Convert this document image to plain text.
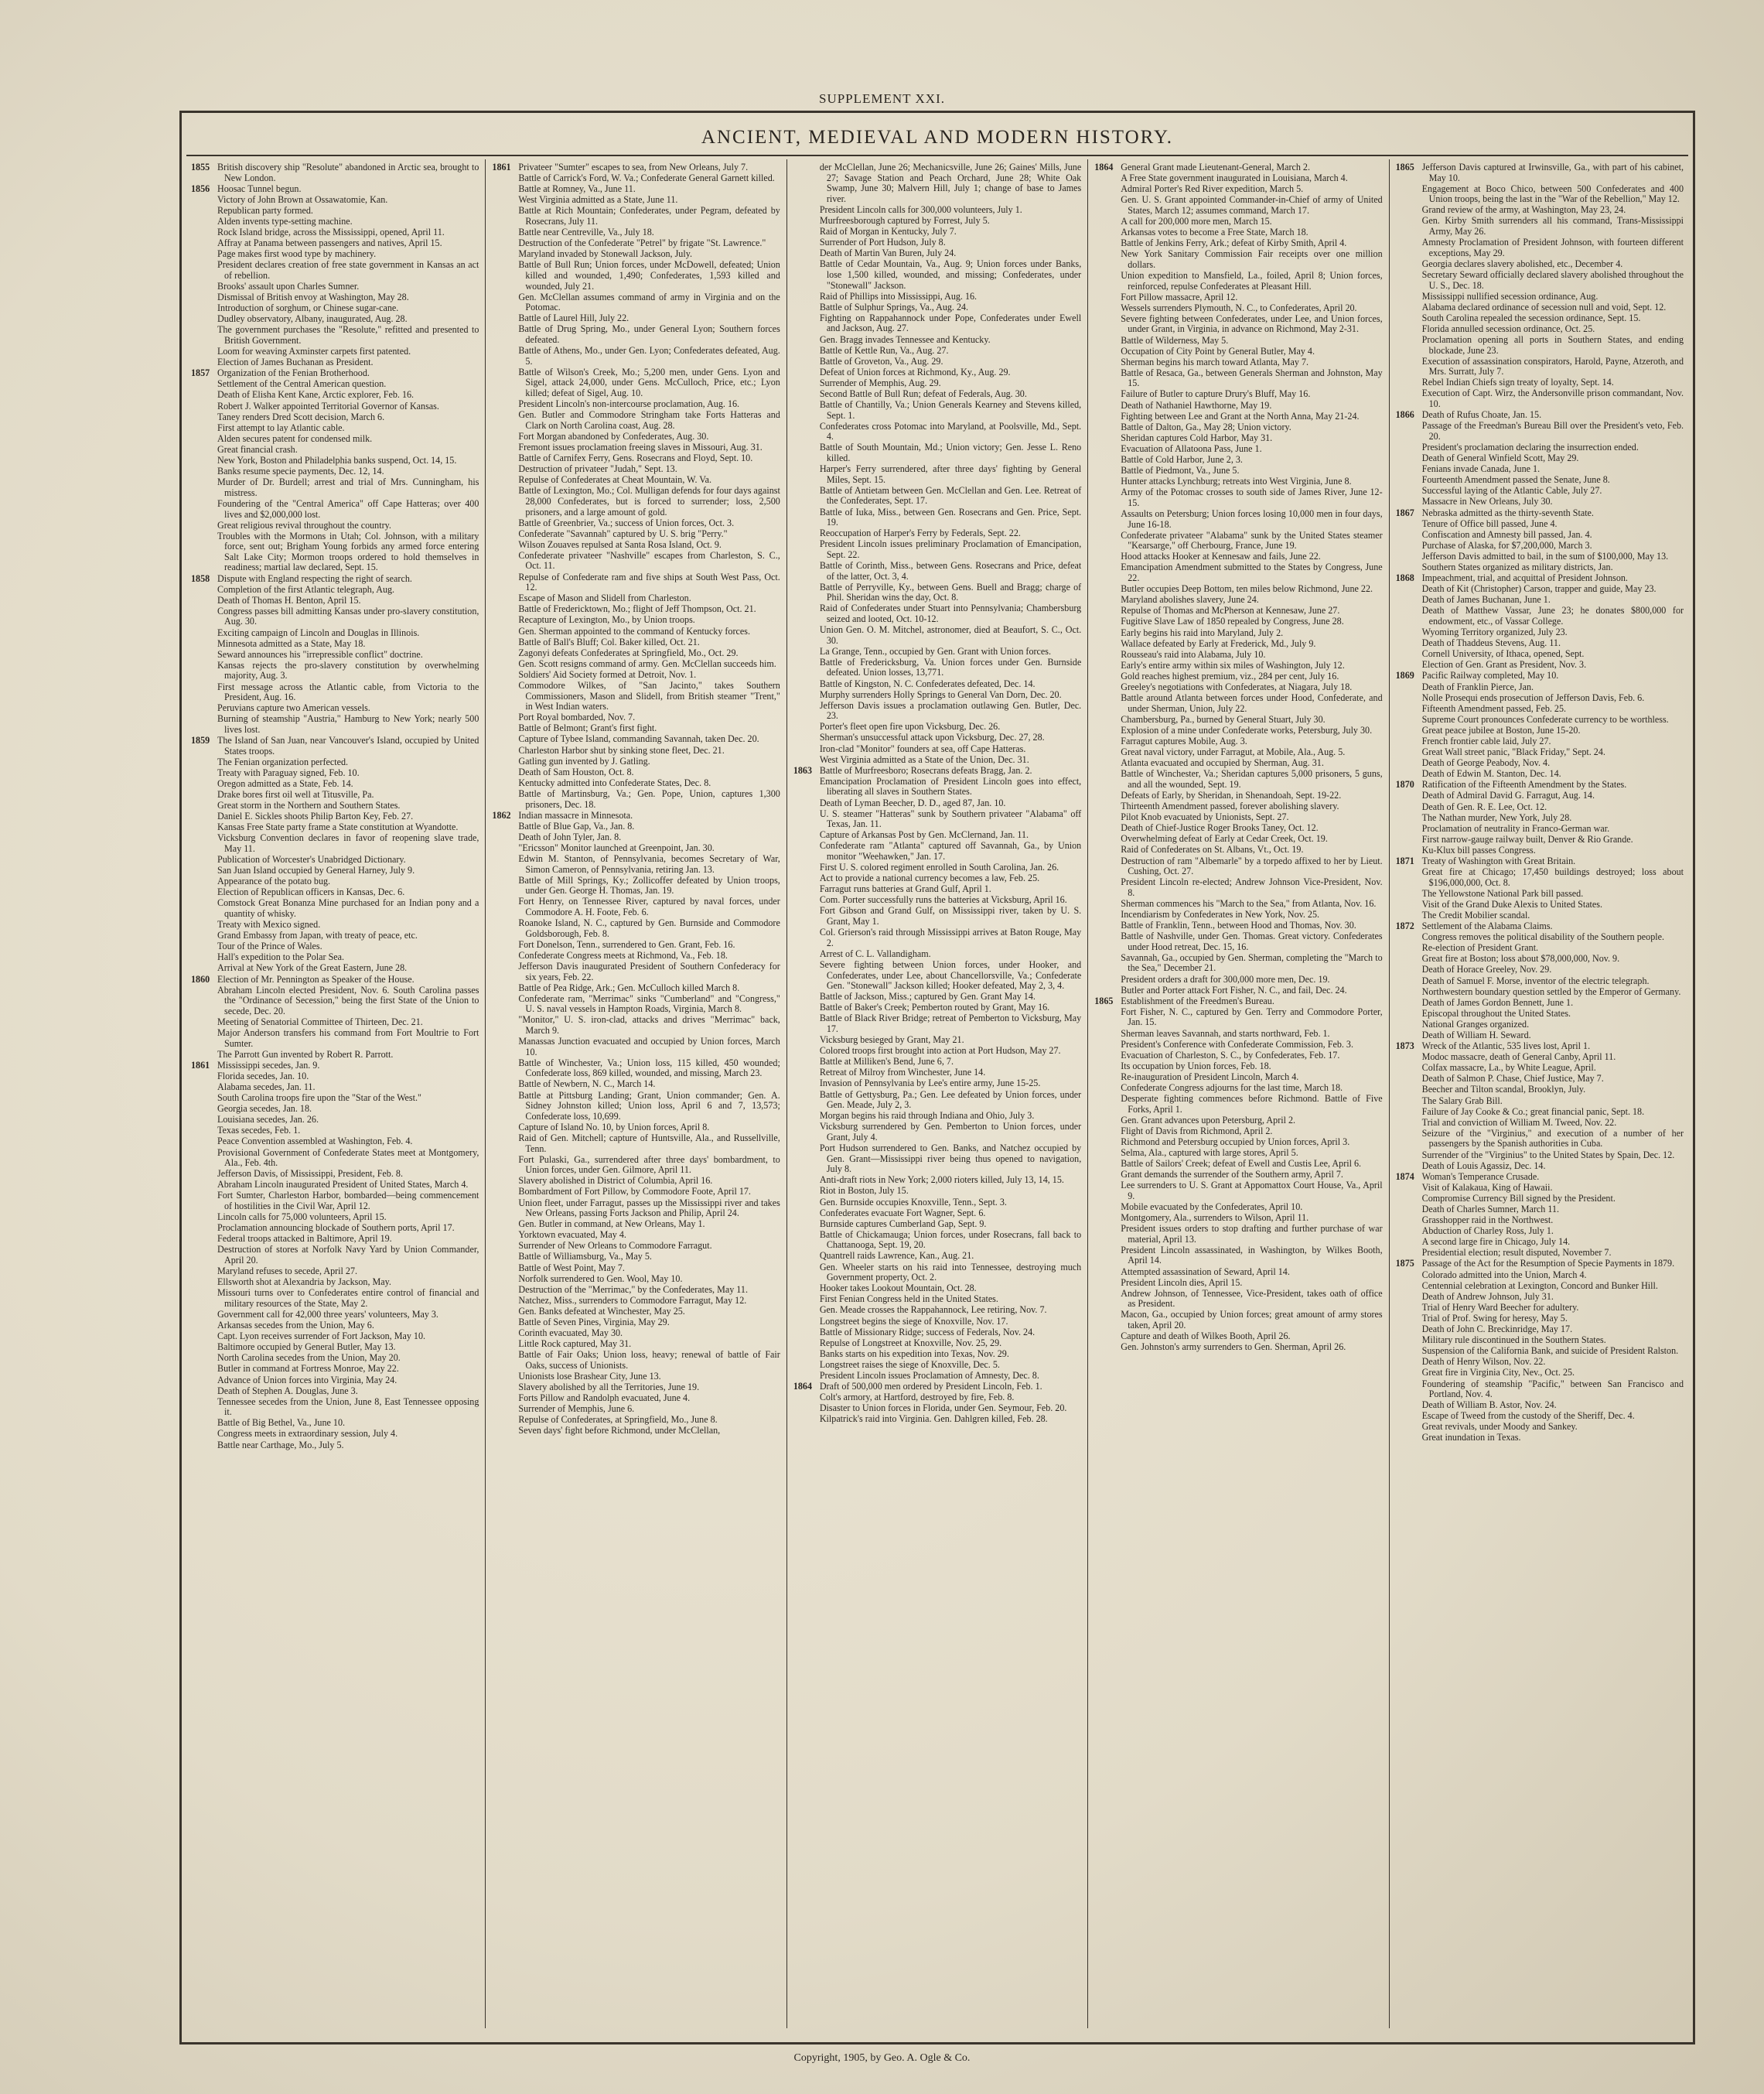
SUPPLEMENT XXI.
ANCIENT, MEDIEVAL AND MODERN HISTORY.
1855 British discovery ship "Resolute" abandoned in Arctic sea, brought to New London.
1856 Hoosac Tunnel begun.
Victory of John Brown at Ossawatomie, Kan.
Republican party formed.
Alden invents type-setting machine.
Rock Island bridge, across the Mississippi, opened, April 11.
Affray at Panama between passengers and natives, April 15.
Page makes first wood type by machinery.
President declares creation of free state government in Kansas an act of rebellion.
Brooks' assault upon Charles Sumner.
Dismissal of British envoy at Washington, May 28.
Introduction of sorghum, or Chinese sugar-cane.
Dudley observatory, Albany, inaugurated, Aug. 28.
The government purchases the "Resolute," refitted and presented to British Government.
Loom for weaving Axminster carpets first patented.
Election of James Buchanan as President.
1857 Organization of the Fenian Brotherhood.
Settlement of the Central American question.
Death of Elisha Kent Kane, Arctic explorer, Feb. 16.
Robert J. Walker appointed Territorial Governor of Kansas.
Taney renders Dred Scott decision, March 6.
First attempt to lay Atlantic cable.
Alden secures patent for condensed milk.
Great financial crash.
New York, Boston and Philadelphia banks suspend, Oct. 14, 15.
Banks resume specie payments, Dec. 12, 14.
Murder of Dr. Burdell; arrest and trial of Mrs. Cunningham, his mistress.
Foundering of the "Central America" off Cape Hatteras; over 400 lives and $2,000,000 lost.
Great religious revival throughout the country.
Troubles with the Mormons in Utah; Col. Johnson, with a military force, sent out; Brigham Young forbids any armed force entering Salt Lake City; Mormon troops ordered to hold themselves in readiness; martial law declared, Sept. 15.
1858 Dispute with England respecting the right of search.
Completion of the first Atlantic telegraph, Aug.
Death of Thomas H. Benton, April 15.
Congress passes bill admitting Kansas under pro-slavery constitution, Aug. 30.
Exciting campaign of Lincoln and Douglas in Illinois.
Minnesota admitted as a State, May 18.
Seward announces his "irrepressible conflict" doctrine.
Kansas rejects the pro-slavery constitution by overwhelming majority, Aug. 3.
First message across the Atlantic cable, from Victoria to the President, Aug. 16.
Peruvians capture two American vessels.
Burning of steamship "Austria," Hamburg to New York; nearly 500 lives lost.
1859 The Island of San Juan, near Vancouver's Island, occupied by United States troops.
The Fenian organization perfected.
Treaty with Paraguay signed, Feb. 10.
Oregon admitted as a State, Feb. 14.
Drake bores first oil well at Titusville, Pa.
Great storm in the Northern and Southern States.
Daniel E. Sickles shoots Philip Barton Key, Feb. 27.
Kansas Free State party frame a State constitution at Wyandotte.
Vicksburg Convention declares in favor of reopening slave trade, May 11.
Publication of Worcester's Unabridged Dictionary.
San Juan Island occupied by General Harney, July 9.
Appearance of the potato bug.
Election of Republican officers in Kansas, Dec. 6.
Comstock Great Bonanza Mine purchased for an Indian pony and a quantity of whisky.
Treaty with Mexico signed.
Grand Embassy from Japan, with treaty of peace, etc.
Tour of the Prince of Wales.
Hall's expedition to the Polar Sea.
Arrival at New York of the Great Eastern, June 28.
1860 Election of Mr. Pennington as Speaker of the House.
Abraham Lincoln elected President, Nov. 6. South Carolina passes the "Ordinance of Secession," being the first State of the Union to secede, Dec. 20.
Meeting of Senatorial Committee of Thirteen, Dec. 21.
Major Anderson transfers his command from Fort Moultrie to Fort Sumter.
The Parrott Gun invented by Robert R. Parrott.
1861 Mississippi secedes, Jan. 9.
Florida secedes, Jan. 10.
Alabama secedes, Jan. 11.
South Carolina troops fire upon the "Star of the West."
Georgia secedes, Jan. 18.
Louisiana secedes, Jan. 26.
Texas secedes, Feb. 1.
Peace Convention assembled at Washington, Feb. 4.
Provisional Government of Confederate States meet at Montgomery, Ala., Feb. 4th.
Jefferson Davis, of Mississippi, President, Feb. 8.
Abraham Lincoln inaugurated President of United States, March 4.
Fort Sumter, Charleston Harbor, bombarded—being commencement of hostilities in the Civil War, April 12.
Lincoln calls for 75,000 volunteers, April 15.
Proclamation announcing blockade of Southern ports, April 17.
Federal troops attacked in Baltimore, April 19.
Destruction of stores at Norfolk Navy Yard by Union Commander, April 20.
Maryland refuses to secede, April 27.
Ellsworth shot at Alexandria by Jackson, May.
Missouri turns over to Confederates entire control of financial and military resources of the State, May 2.
Government call for 42,000 three years' volunteers, May 3.
Arkansas secedes from the Union, May 6.
Capt. Lyon receives surrender of Fort Jackson, May 10.
Baltimore occupied by General Butler, May 13.
North Carolina secedes from the Union, May 20.
Butler in command at Fortress Monroe, May 22.
Advance of Union forces into Virginia, May 24.
Death of Stephen A. Douglas, June 3.
Tennessee secedes from the Union, June 8, East Tennessee opposing it.
Battle of Big Bethel, Va., June 10.
Congress meets in extraordinary session, July 4.
Battle near Carthage, Mo., July 5.
1861 Privateer "Sumter" escapes to sea, from New Orleans, July 7.
Battle of Carrick's Ford, W. Va.; Confederate General Garnett killed.
Battle at Romney, Va., June 11.
West Virginia admitted as a State, June 11.
Battle at Rich Mountain; Confederates, under Pegram, defeated by Rosecrans, July 11.
Battle near Centreville, Va., July 18.
Destruction of the Confederate "Petrel" by frigate "St. Lawrence."
Maryland invaded by Stonewall Jackson, July.
Battle of Bull Run; Union forces, under McDowell, defeated; Union killed and wounded, 1,490; Confederates, 1,593 killed and wounded, July 21.
Gen. McClellan assumes command of army in Virginia and on the Potomac.
Battle of Laurel Hill, July 22.
Battle of Drug Spring, Mo., under General Lyon; Southern forces defeated.
Battle of Athens, Mo., under Gen. Lyon; Confederates defeated, Aug. 5.
Battle of Wilson's Creek, Mo.; 5,200 men, under Gens. Lyon and Sigel, attack 24,000, under Gens. McCulloch, Price, etc.; Lyon killed; defeat of Sigel, Aug. 10.
President Lincoln's non-intercourse proclamation, Aug. 16.
Gen. Butler and Commodore Stringham take Forts Hatteras and Clark on North Carolina coast, Aug. 28.
Fort Morgan abandoned by Confederates, Aug. 30.
Fremont issues proclamation freeing slaves in Missouri, Aug. 31.
Battle of Carnifex Ferry, Gens. Rosecrans and Floyd, Sept. 10.
Destruction of privateer "Judah," Sept. 13.
Repulse of Confederates at Cheat Mountain, W. Va.
Battle of Lexington, Mo.; Col. Mulligan defends for four days against 28,000 Confederates, but is forced to surrender; loss, 2,500 prisoners, and a large amount of gold.
Battle of Greenbrier, Va.; success of Union forces, Oct. 3.
Confederate "Savannah" captured by U. S. brig "Perry."
Wilson Zouaves repulsed at Santa Rosa Island, Oct. 9.
Confederate privateer "Nashville" escapes from Charleston, S. C., Oct. 11.
Repulse of Confederate ram and five ships at South West Pass, Oct. 12.
Escape of Mason and Slidell from Charleston.
Battle of Fredericktown, Mo.; flight of Jeff Thompson, Oct. 21.
Recapture of Lexington, Mo., by Union troops.
Gen. Sherman appointed to the command of Kentucky forces.
Battle of Ball's Bluff; Col. Baker killed, Oct. 21.
Zagonyi defeats Confederates at Springfield, Mo., Oct. 29.
Gen. Scott resigns command of army. Gen. McClellan succeeds him.
Soldiers' Aid Society formed at Detroit, Nov. 1.
Commodore Wilkes, of "San Jacinto," takes Southern Commissioners, Mason and Slidell, from British steamer "Trent," in West Indian waters.
Port Royal bombarded, Nov. 7.
Battle of Belmont; Grant's first fight.
Capture of Tybee Island, commanding Savannah, taken Dec. 20.
Charleston Harbor shut by sinking stone fleet, Dec. 21.
Gatling gun invented by J. Gatling.
Death of Sam Houston, Oct. 8.
Kentucky admitted into Confederate States, Dec. 8.
Battle of Martinsburg, Va.; Gen. Pope, Union, captures 1,300 prisoners, Dec. 18.
1862 Indian massacre in Minnesota.
Battle of Blue Gap, Va., Jan. 8.
Death of John Tyler, Jan. 8.
"Ericsson" Monitor launched at Greenpoint, Jan. 30.
Edwin M. Stanton, of Pennsylvania, becomes Secretary of War, Simon Cameron, of Pennsylvania, retiring Jan. 13.
Battle of Mill Springs, Ky.; Zollicoffer defeated by Union troops, under Gen. George H. Thomas, Jan. 19.
Fort Henry, on Tennessee River, captured by naval forces, under Commodore A. H. Foote, Feb. 6.
Roanoke Island, N. C., captured by Gen. Burnside and Commodore Goldsborough, Feb. 8.
Fort Donelson, Tenn., surrendered to Gen. Grant, Feb. 16.
Confederate Congress meets at Richmond, Va., Feb. 18.
Jefferson Davis inaugurated President of Southern Confederacy for six years, Feb. 22.
Battle of Pea Ridge, Ark.; Gen. McCulloch killed March 8.
Confederate ram, "Merrimac" sinks "Cumberland" and "Congress," U. S. naval vessels in Hampton Roads, Virginia, March 8.
"Monitor," U. S. iron-clad, attacks and drives "Merrimac" back, March 9.
Manassas Junction evacuated and occupied by Union forces, March 10.
Battle of Winchester, Va.; Union loss, 115 killed, 450 wounded; Confederate loss, 869 killed, wounded, and missing, March 23.
Battle of Newbern, N. C., March 14.
Battle at Pittsburg Landing; Grant, Union commander; Gen. A. Sidney Johnston killed; Union loss, April 6 and 7, 13,573; Confederate loss, 10,699.
Capture of Island No. 10, by Union forces, April 8.
Raid of Gen. Mitchell; capture of Huntsville, Ala., and Russellville, Tenn.
Fort Pulaski, Ga., surrendered after three days' bombardment, to Union forces, under Gen. Gilmore, April 11.
Slavery abolished in District of Columbia, April 16.
Bombardment of Fort Pillow, by Commodore Foote, April 17.
Union fleet, under Farragut, passes up the Mississippi river and takes New Orleans, passing Forts Jackson and Philip, April 24.
Gen. Butler in command, at New Orleans, May 1.
Yorktown evacuated, May 4.
Surrender of New Orleans to Commodore Farragut.
Battle of Williamsburg, Va., May 5.
Battle of West Point, May 7.
Norfolk surrendered to Gen. Wool, May 10.
Destruction of the "Merrimac," by the Confederates, May 11.
Natchez, Miss., surrenders to Commodore Farragut, May 12.
Gen. Banks defeated at Winchester, May 25.
Battle of Seven Pines, Virginia, May 29.
Corinth evacuated, May 30.
Little Rock captured, May 31.
Battle of Fair Oaks; Union loss, heavy; renewal of battle of Fair Oaks, success of Unionists.
Unionists lose Brashear City, June 13.
Slavery abolished by all the Territories, June 19.
Forts Pillow and Randolph evacuated, June 4.
Surrender of Memphis, June 6.
Repulse of Confederates, at Springfield, Mo., June 8.
Seven days' fight before Richmond, under McClellan,
der McClellan, June 26; Mechanicsville, June 26; Gaines' Mills, June 27; Savage Station and Peach Orchard, June 28; White Oak Swamp, June 30; Malvern Hill, July 1; change of base to James river.
President Lincoln calls for 300,000 volunteers, July 1.
Murfreesborough captured by Forrest, July 5.
Raid of Morgan in Kentucky, July 7.
Surrender of Port Hudson, July 8.
Death of Martin Van Buren, July 24.
Battle of Cedar Mountain, Va., Aug. 9; Union forces under Banks, lose 1,500 killed, wounded, and missing; Confederates, under "Stonewall" Jackson.
Raid of Phillips into Mississippi, Aug. 16.
Battle of Sulphur Springs, Va., Aug. 24.
Fighting on Rappahannock under Pope, Confederates under Ewell and Jackson, Aug. 27.
Gen. Bragg invades Tennessee and Kentucky.
Battle of Kettle Run, Va., Aug. 27.
Battle of Groveton, Va., Aug. 29.
Defeat of Union forces at Richmond, Ky., Aug. 29.
Surrender of Memphis, Aug. 29.
Second Battle of Bull Run; defeat of Federals, Aug. 30.
Battle of Chantilly, Va.; Union Generals Kearney and Stevens killed, Sept. 1.
Confederates cross Potomac into Maryland, at Poolsville, Md., Sept. 4.
Battle of South Mountain, Md.; Union victory; Gen. Jesse L. Reno killed.
Harper's Ferry surrendered, after three days' fighting by General Miles, Sept. 15.
Battle of Antietam between Gen. McClellan and Gen. Lee. Retreat of the Confederates, Sept. 17.
Battle of Iuka, Miss., between Gen. Rosecrans and Gen. Price, Sept. 19.
Reoccupation of Harper's Ferry by Federals, Sept. 22.
President Lincoln issues preliminary Proclamation of Emancipation, Sept. 22.
Battle of Corinth, Miss., between Gens. Rosecrans and Price, defeat of the latter, Oct. 3, 4.
Battle of Perryville, Ky., between Gens. Buell and Bragg; charge of Phil. Sheridan wins the day, Oct. 8.
Raid of Confederates under Stuart into Pennsylvania; Chambersburg seized and looted, Oct. 10-12.
Union Gen. O. M. Mitchel, astronomer, died at Beaufort, S. C., Oct. 30.
La Grange, Tenn., occupied by Gen. Grant with Union forces.
Battle of Fredericksburg, Va. Union forces under Gen. Burnside defeated. Union losses, 13,771.
Battle of Kingston, N. C. Confederates defeated, Dec. 14.
Murphy surrenders Holly Springs to General Van Dorn, Dec. 20.
Jefferson Davis issues a proclamation outlawing Gen. Butler, Dec. 23.
Porter's fleet open fire upon Vicksburg, Dec. 26.
Sherman's unsuccessful attack upon Vicksburg, Dec. 27, 28.
Iron-clad "Monitor" founders at sea, off Cape Hatteras.
West Virginia admitted as a State of the Union, Dec. 31.
1863 Battle of Murfreesboro; Rosecrans defeats Bragg, Jan. 2.
Emancipation Proclamation of President Lincoln goes into effect, liberating all slaves in Southern States.
Death of Lyman Beecher, D. D., aged 87, Jan. 10.
U. S. steamer "Hatteras" sunk by Southern privateer "Alabama" off Texas, Jan. 11.
Capture of Arkansas Post by Gen. McClernand, Jan. 11.
Confederate ram "Atlanta" captured off Savannah, Ga., by Union monitor "Weehawken," Jan. 17.
First U. S. colored regiment enrolled in South Carolina, Jan. 26.
Act to provide a national currency becomes a law, Feb. 25.
Farragut runs batteries at Grand Gulf, April 1.
Com. Porter successfully runs the batteries at Vicksburg, April 16.
Fort Gibson and Grand Gulf, on Mississippi river, taken by U. S. Grant, May 1.
Col. Grierson's raid through Mississippi arrives at Baton Rouge, May 2.
Arrest of C. L. Vallandigham.
Severe fighting between Union forces, under Hooker, and Confederates, under Lee, about Chancellorsville, Va.; Confederate Gen. "Stonewall" Jackson killed; Hooker defeated, May 2, 3, 4.
Battle of Jackson, Miss.; captured by Gen. Grant May 14.
Battle of Baker's Creek; Pemberton routed by Grant, May 16.
Battle of Black River Bridge; retreat of Pemberton to Vicksburg, May 17.
Vicksburg besieged by Grant, May 21.
Colored troops first brought into action at Port Hudson, May 27.
Battle at Milliken's Bend, June 6, 7.
Retreat of Milroy from Winchester, June 14.
Invasion of Pennsylvania by Lee's entire army, June 15-25.
Battle of Gettysburg, Pa.; Gen. Lee defeated by Union forces, under Gen. Meade, July 2, 3.
Morgan begins his raid through Indiana and Ohio, July 3.
Vicksburg surrendered by Gen. Pemberton to Union forces, under Grant, July 4.
Port Hudson surrendered to Gen. Banks, and Natchez occupied by Gen. Grant—Mississippi river being thus opened to navigation, July 8.
Anti-draft riots in New York; 2,000 rioters killed, July 13, 14, 15.
Riot in Boston, July 15.
Gen. Burnside occupies Knoxville, Tenn., Sept. 3.
Confederates evacuate Fort Wagner, Sept. 6.
Burnside captures Cumberland Gap, Sept. 9.
Battle of Chickamauga; Union forces, under Rosecrans, fall back to Chattanooga, Sept. 19, 20.
Quantrell raids Lawrence, Kan., Aug. 21.
Gen. Wheeler starts on his raid into Tennessee, destroying much Government property, Oct. 2.
Hooker takes Lookout Mountain, Oct. 28.
First Fenian Congress held in the United States.
Gen. Meade crosses the Rappahannock, Lee retiring, Nov. 7.
Longstreet begins the siege of Knoxville, Nov. 17.
Battle of Missionary Ridge; success of Federals, Nov. 24.
Repulse of Longstreet at Knoxville, Nov. 25, 29.
Banks starts on his expedition into Texas, Nov. 29.
Longstreet raises the siege of Knoxville, Dec. 5.
President Lincoln issues Proclamation of Amnesty, Dec. 8.
1864 Draft of 500,000 men ordered by President Lincoln, Feb. 1.
Colt's armory, at Hartford, destroyed by fire, Feb. 8.
Disaster to Union forces in Florida, under Gen. Seymour, Feb. 20.
Kilpatrick's raid into Virginia. Gen. Dahlgren killed, Feb. 28.
1864 General Grant made Lieutenant-General, March 2.
A Free State government inaugurated in Louisiana, March 4.
Admiral Porter's Red River expedition, March 5.
Gen. U. S. Grant appointed Commander-in-Chief of army of United States, March 12; assumes command, March 17.
A call for 200,000 more men, March 15.
Arkansas votes to become a Free State, March 18.
Battle of Jenkins Ferry, Ark.; defeat of Kirby Smith, April 4.
New York Sanitary Commission Fair receipts over one million dollars.
Union expedition to Mansfield, La., foiled, April 8; Union forces, reinforced, repulse Confederates at Pleasant Hill.
Fort Pillow massacre, April 12.
Wessels surrenders Plymouth, N. C., to Confederates, April 20.
Severe fighting between Confederates, under Lee, and Union forces, under Grant, in Virginia, in advance on Richmond, May 2-31.
Battle of Wilderness, May 5.
Occupation of City Point by General Butler, May 4.
Sherman begins his march toward Atlanta, May 7.
Battle of Resaca, Ga., between Generals Sherman and Johnston, May 15.
Failure of Butler to capture Drury's Bluff, May 16.
Death of Nathaniel Hawthorne, May 19.
Fighting between Lee and Grant at the North Anna, May 21-24.
Battle of Dalton, Ga., May 28; Union victory.
Sheridan captures Cold Harbor, May 31.
Evacuation of Allatoona Pass, June 1.
Battle of Cold Harbor, June 2, 3.
Battle of Piedmont, Va., June 5.
Hunter attacks Lynchburg; retreats into West Virginia, June 8.
Army of the Potomac crosses to south side of James River, June 12-15.
Assaults on Petersburg; Union forces losing 10,000 men in four days, June 16-18.
Confederate privateer "Alabama" sunk by the United States steamer "Kearsarge," off Cherbourg, France, June 19.
Hood attacks Hooker at Kennesaw and fails, June 22.
Emancipation Amendment submitted to the States by Congress, June 22.
Butler occupies Deep Bottom, ten miles below Richmond, June 22.
Maryland abolishes slavery, June 24.
Repulse of Thomas and McPherson at Kennesaw, June 27.
Fugitive Slave Law of 1850 repealed by Congress, June 28.
Early begins his raid into Maryland, July 2.
Wallace defeated by Early at Frederick, Md., July 9.
Rousseau's raid into Alabama, July 10.
Early's entire army within six miles of Washington, July 12.
Gold reaches highest premium, viz., 284 per cent, July 16.
Greeley's negotiations with Confederates, at Niagara, July 18.
Battle around Atlanta between forces under Hood, Confederate, and under Sherman, Union, July 22.
Chambersburg, Pa., burned by General Stuart, July 30.
Explosion of a mine under Confederate works, Petersburg, July 30.
Farragut captures Mobile, Aug. 3.
Great naval victory, under Farragut, at Mobile, Ala., Aug. 5.
Atlanta evacuated and occupied by Sherman, Aug. 31.
Battle of Winchester, Va.; Sheridan captures 5,000 prisoners, 5 guns, and all the wounded, Sept. 19.
Defeats of Early, by Sheridan, in Shenandoah, Sept. 19-22.
Thirteenth Amendment passed, forever abolishing slavery.
Pilot Knob evacuated by Unionists, Sept. 27.
Death of Chief-Justice Roger Brooks Taney, Oct. 12.
Overwhelming defeat of Early at Cedar Creek, Oct. 19.
Raid of Confederates on St. Albans, Vt., Oct. 19.
Destruction of ram "Albemarle" by a torpedo affixed to her by Lieut. Cushing, Oct. 27.
President Lincoln re-elected; Andrew Johnson Vice-President, Nov. 8.
Sherman commences his "March to the Sea," from Atlanta, Nov. 16.
Incendiarism by Confederates in New York, Nov. 25.
Battle of Franklin, Tenn., between Hood and Thomas, Nov. 30.
Battle of Nashville, under Gen. Thomas. Great victory. Confederates under Hood retreat, Dec. 15, 16.
Savannah, Ga., occupied by Gen. Sherman, completing the "March to the Sea," December 21.
President orders a draft for 300,000 more men, Dec. 19.
Butler and Porter attack Fort Fisher, N. C., and fail, Dec. 24.
1865 Establishment of the Freedmen's Bureau.
Fort Fisher, N. C., captured by Gen. Terry and Commodore Porter, Jan. 15.
Sherman leaves Savannah, and starts northward, Feb. 1.
President's Conference with Confederate Commission, Feb. 3.
Evacuation of Charleston, S. C., by Confederates, Feb. 17.
Its occupation by Union forces, Feb. 18.
Re-inauguration of President Lincoln, March 4.
Confederate Congress adjourns for the last time, March 18.
Desperate fighting commences before Richmond. Battle of Five Forks, April 1.
Gen. Grant advances upon Petersburg, April 2.
Flight of Davis from Richmond, April 2.
Richmond and Petersburg occupied by Union forces, April 3.
Selma, Ala., captured with large stores, April 5.
Battle of Sailors' Creek; defeat of Ewell and Custis Lee, April 6.
Grant demands the surrender of the Southern army, April 7.
Lee surrenders to U. S. Grant at Appomattox Court House, Va., April 9.
Mobile evacuated by the Confederates, April 10.
Montgomery, Ala., surrenders to Wilson, April 11.
President issues orders to stop drafting and further purchase of war material, April 13.
President Lincoln assassinated, in Washington, by Wilkes Booth, April 14.
Attempted assassination of Seward, April 14.
President Lincoln dies, April 15.
Andrew Johnson, of Tennessee, Vice-President, takes oath of office as President.
Macon, Ga., occupied by Union forces; great amount of army stores taken, April 20.
Capture and death of Wilkes Booth, April 26.
Gen. Johnston's army surrenders to Gen. Sherman, April 26.
1865 Jefferson Davis captured at Irwinsville, Ga., with part of his cabinet, May 10.
Engagement at Boco Chico, between 500 Confederates and 400 Union troops, being the last in the "War of the Rebellion," May 12.
Grand review of the army, at Washington, May 23, 24.
Gen. Kirby Smith surrenders all his command, Trans-Mississippi Army, May 26.
Amnesty Proclamation of President Johnson, with fourteen different exceptions, May 29.
Georgia declares slavery abolished, etc., December 4.
Secretary Seward officially declared slavery abolished throughout the U. S., Dec. 18.
Mississippi nullified secession ordinance, Aug.
Alabama declared ordinance of secession null and void, Sept. 12.
South Carolina repealed the secession ordinance, Sept. 15.
Florida annulled secession ordinance, Oct. 25.
Proclamation opening all ports in Southern States, and ending blockade, June 23.
Execution of assassination conspirators, Harold, Payne, Atzeroth, and Mrs. Surratt, July 7.
Rebel Indian Chiefs sign treaty of loyalty, Sept. 14.
Execution of Capt. Wirz, the Andersonville prison commandant, Nov. 10.
1866 Death of Rufus Choate, Jan. 15.
Passage of the Freedman's Bureau Bill over the President's veto, Feb. 20.
President's proclamation declaring the insurrection ended.
Death of General Winfield Scott, May 29.
Fenians invade Canada, June 1.
Fourteenth Amendment passed the Senate, June 8.
Successful laying of the Atlantic Cable, July 27.
Massacre in New Orleans, July 30.
1867 Nebraska admitted as the thirty-seventh State.
Tenure of Office bill passed, June 4.
Confiscation and Amnesty bill passed, Jan. 4.
Purchase of Alaska, for $7,200,000, March 3.
Jefferson Davis admitted to bail, in the sum of $100,000, May 13.
Southern States organized as military districts, Jan.
1868 Impeachment, trial, and acquittal of President Johnson.
Death of Kit (Christopher) Carson, trapper and guide, May 23.
Death of James Buchanan, June 1.
Death of Matthew Vassar, June 23; he donates $800,000 for endowment, etc., of Vassar College.
Wyoming Territory organized, July 23.
Death of Thaddeus Stevens, Aug. 11.
Cornell University, of Ithaca, opened, Sept.
Election of Gen. Grant as President, Nov. 3.
1869 Pacific Railway completed, May 10.
Death of Franklin Pierce, Jan.
Nolle Prosequi ends prosecution of Jefferson Davis, Feb. 6.
Fifteenth Amendment passed, Feb. 25.
Supreme Court pronounces Confederate currency to be worthless.
Great peace jubilee at Boston, June 15-20.
French frontier cable laid, July 27.
Great Wall street panic, "Black Friday," Sept. 24.
Death of George Peabody, Nov. 4.
Death of Edwin M. Stanton, Dec. 14.
1870 Ratification of the Fifteenth Amendment by the States.
Death of Admiral David G. Farragut, Aug. 14.
Death of Gen. R. E. Lee, Oct. 12.
The Nathan murder, New York, July 28.
Proclamation of neutrality in Franco-German war.
First narrow-gauge railway built, Denver & Rio Grande.
Ku-Klux bill passes Congress.
1871 Treaty of Washington with Great Britain.
Great fire at Chicago; 17,450 buildings destroyed; loss about $196,000,000, Oct. 8.
The Yellowstone National Park bill passed.
Visit of the Grand Duke Alexis to United States.
The Credit Mobilier scandal.
1872 Settlement of the Alabama Claims.
Congress removes the political disability of the Southern people.
Re-election of President Grant.
Great fire at Boston; loss about $78,000,000, Nov. 9.
Death of Horace Greeley, Nov. 29.
Death of Samuel F. Morse, inventor of the electric telegraph.
Northwestern boundary question settled by the Emperor of Germany.
Death of James Gordon Bennett, June 1.
Episcopal throughout the United States.
National Granges organized.
Death of William H. Seward.
1873 Wreck of the Atlantic, 535 lives lost, April 1.
Modoc massacre, death of General Canby, April 11.
Colfax massacre, La., by White League, April.
Death of Salmon P. Chase, Chief Justice, May 7.
Beecher and Tilton scandal, Brooklyn, July.
The Salary Grab Bill.
Failure of Jay Cooke & Co.; great financial panic, Sept. 18.
Trial and conviction of William M. Tweed, Nov. 22.
Seizure of the "Virginius," and execution of a number of her passengers by the Spanish authorities in Cuba.
Surrender of the "Virginius" to the United States by Spain, Dec. 12.
Death of Louis Agassiz, Dec. 14.
1874 Woman's Temperance Crusade.
Visit of Kalakaua, King of Hawaii.
Compromise Currency Bill signed by the President.
Death of Charles Sumner, March 11.
Grasshopper raid in the Northwest.
Abduction of Charley Ross, July 1.
A second large fire in Chicago, July 14.
Presidential election; result disputed, November 7.
1875 Passage of the Act for the Resumption of Specie Payments in 1879.
Colorado admitted into the Union, March 4.
Centennial celebration at Lexington, Concord and Bunker Hill.
Death of Andrew Johnson, July 31.
Trial of Henry Ward Beecher for adultery.
Trial of Prof. Swing for heresy, May 5.
Death of John C. Breckinridge, May 17.
Military rule discontinued in the Southern States.
Suspension of the California Bank, and suicide of President Ralston.
Death of Henry Wilson, Nov. 22.
Great fire in Virginia City, Nev., Oct. 25.
Foundering of steamship "Pacific," between San Francisco and Portland, Nov. 4.
Death of William B. Astor, Nov. 24.
Escape of Tweed from the custody of the Sheriff, Dec. 4.
Great revivals, under Moody and Sankey.
Great inundation in Texas.
Copyright, 1905, by Geo. A. Ogle & Co.
